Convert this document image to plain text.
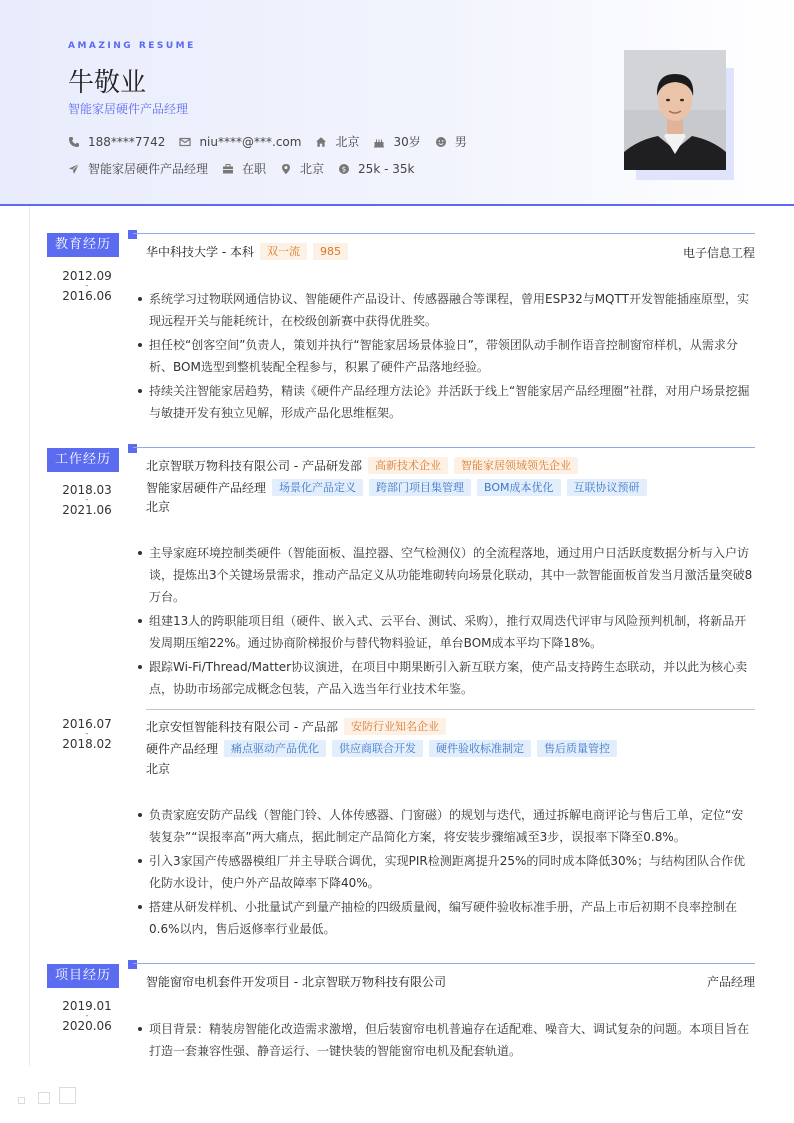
AMAZING RESUME
牛敬业
智能家居硬件产品经理
188****7742	niu****@***.com	北京	30岁	男
智能家居硬件产品经理	在职	北京	$ 25k - 35k
教育经历	华中科技大学 - 本科	双一流	985	电子信息工程
2012.09
-
2016.06	系统学习过物联网通信协议、智能硬件产品设计、传感器融合等课程，曾用ESP32与MQTT开发智能插座原型，实现远程开关与能耗统计，在校级创新赛中获得优胜奖。
担任校“创客空间”负责人，策划并执行“智能家居场景体验日”，带领团队动手制作语音控制窗帘样机，从需求分析、BOM选型到整机装配全程参与，积累了硬件产品落地经验。
持续关注智能家居趋势，精读《硬件产品经理方法论》并活跃于线上“智能家居产品经理圈”社群，对用户场景挖掘与敏捷开发有独立见解，形成产品化思维框架。
工作经历	北京智联万物科技有限公司 - 产品研发部	高新技术企业	智能家居领域领先企业
智能家居硬件产品经理	场景化产品定义	跨部门项目集管理	BOM成本优化	互联协议预研
北京
2018.03
-
2021.06
主导家庭环境控制类硬件（智能面板、温控器、空气检测仪）的全流程落地，通过用户日活跃度数据分析与入户访谈，提炼出3个关键场景需求，推动产品定义从功能堆砌转向场景化联动，其中一款智能面板首发当月激活量突破8万台。
组建13人的跨职能项目组（硬件、嵌入式、云平台、测试、采购），推行双周迭代评审与风险预判机制，将新品开发周期压缩22%。通过协商阶梯报价与替代物料验证，单台BOM成本平均下降18%。
跟踪Wi-Fi/Thread/Matter协议演进，在项目中期果断引入新互联方案，使产品支持跨生态联动，并以此为核心卖点，协助市场部完成概念包装，产品入选当年行业技术年鉴。
北京安恒智能科技有限公司 - 产品部	安防行业知名企业
硬件产品经理	痛点驱动产品优化	供应商联合开发	硬件验收标准制定	售后质量管控
北京
2016.07
-
2018.02
负责家庭安防产品线（智能门铃、人体传感器、门窗磁）的规划与迭代，通过拆解电商评论与售后工单，定位“安装复杂”“误报率高”两大痛点，据此制定产品简化方案，将安装步骤缩减至3步，误报率下降至0.8%。
引入3家国产传感器模组厂并主导联合调优，实现PIR检测距离提升25%的同时成本降低30%；与结构团队合作优化防水设计，使户外产品故障率下降40%。
搭建从研发样机、小批量试产到量产抽检的四级质量阀，编写硬件验收标准手册，产品上市后初期不良率控制在0.6%以内，售后返修率行业最低。
项目经历	智能窗帘电机套件开发项目 - 北京智联万物科技有限公司	产品经理
2019.01
-
2020.06	项目背景：精装房智能化改造需求激增，但后装窗帘电机普遍存在适配难、噪音大、调试复杂的问题。本项目旨在打造一套兼容性强、静音运行、一键快装的智能窗帘电机及配套轨道。
